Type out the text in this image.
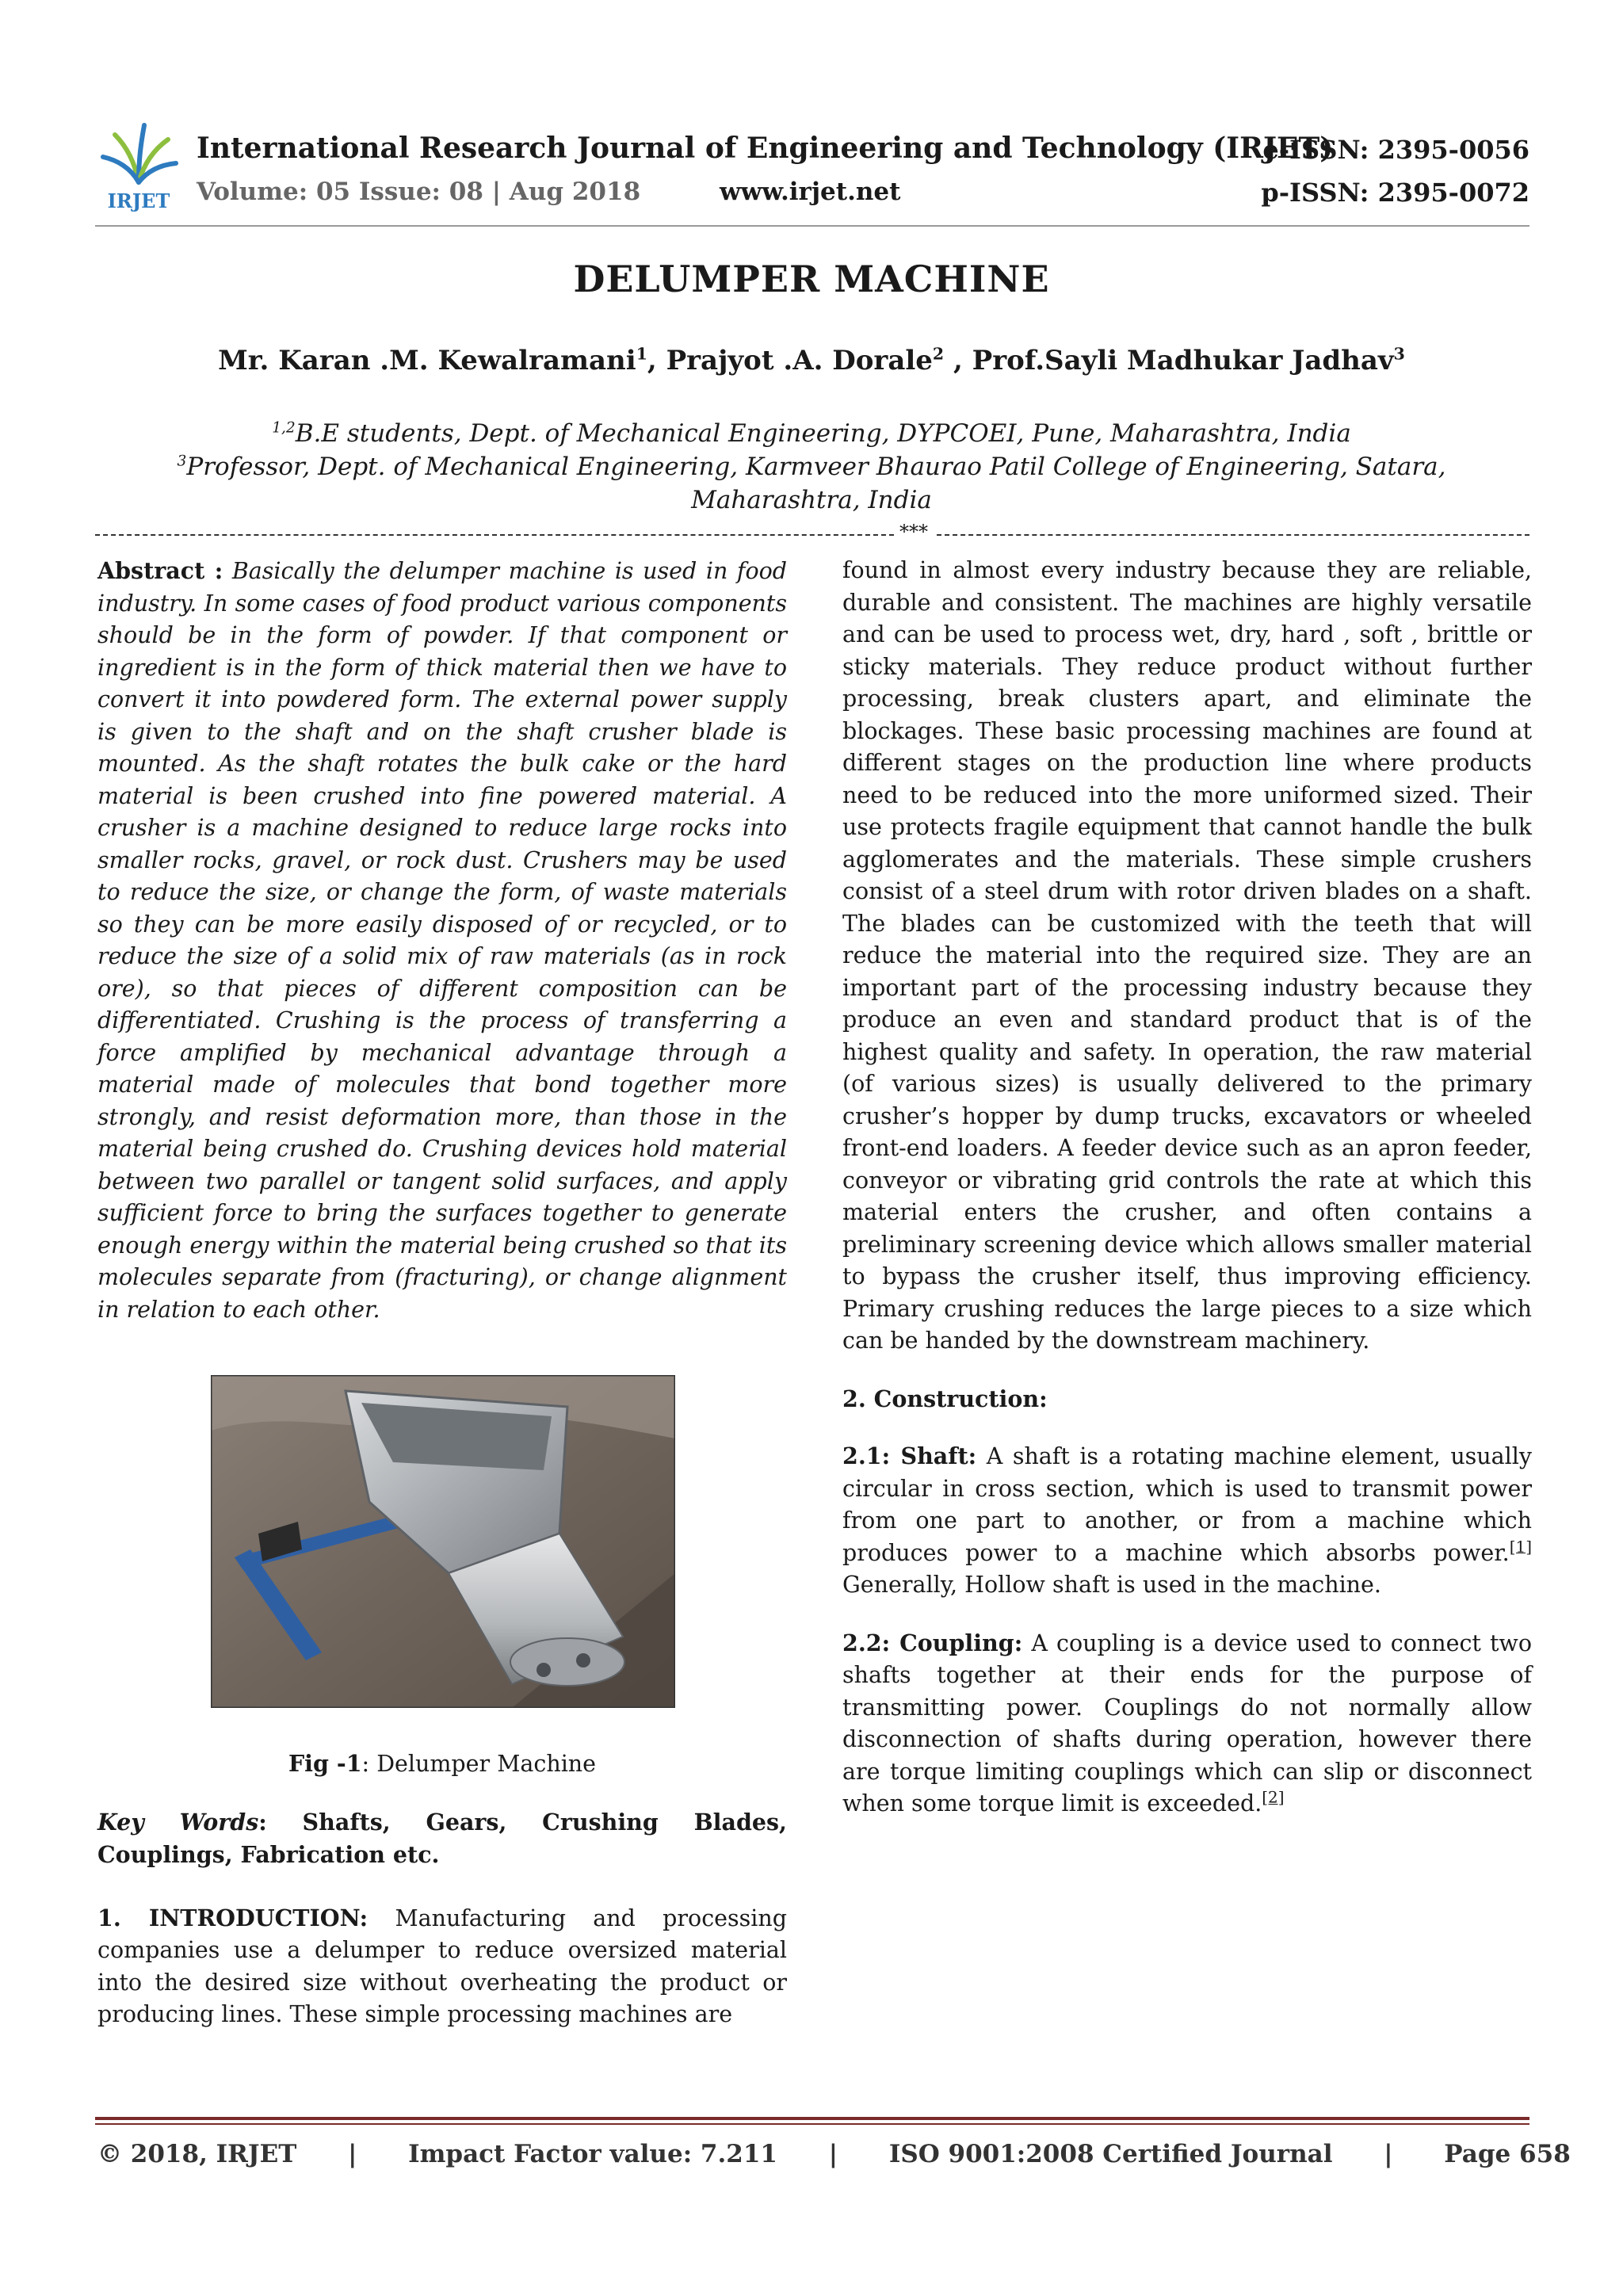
IRJET
International Research Journal of Engineering and Technology (IRJET)
e-ISSN: 2395-0056
Volume: 05 Issue: 08 | Aug 2018	www.irjet.net	p-ISSN: 2395-0072
DELUMPER MACHINE
Mr. Karan .M. Kewalramani$^1$, Prajyot .A. Dorale$^2$ , Prof.Sayli Madhukar Jadhav$^3$
$^{1,2}$B.E students, Dept. of Mechanical Engineering, DYPCOEI, Pune, Maharashtra, India
$^3$Professor, Dept. of Mechanical Engineering, Karmveer Bhaurao Patil College of Engineering, Satara, Maharashtra, India
***

Abstract : Basically the delumper machine is used in food industry. In some cases of food product various components should be in the form of powder. If that component or ingredient is in the form of thick material then we have to convert it into powdered form. The external power supply is given to the shaft and on the shaft crusher blade is mounted. As the shaft rotates the bulk cake or the hard material is been crushed into fine powered material. A crusher is a machine designed to reduce large rocks into smaller rocks, gravel, or rock dust. Crushers may be used to reduce the size, or change the form, of waste materials so they can be more easily disposed of or recycled, or to reduce the size of a solid mix of raw materials (as in rock ore), so that pieces of different composition can be differentiated. Crushing is the process of transferring a force amplified by mechanical advantage through a material made of molecules that bond together more strongly, and resist deformation more, than those in the material being crushed do. Crushing devices hold material between two parallel or tangent solid surfaces, and apply sufficient force to bring the surfaces together to generate enough energy within the material being crushed so that its molecules separate from (fracturing), or change alignment in relation to each other.

Fig -1: Delumper Machine

Key Words: Shafts, Gears, Crushing Blades, Couplings, Fabrication etc.

1. INTRODUCTION: Manufacturing and processing companies use a delumper to reduce oversized material into the desired size without overheating the product or producing lines. These simple processing machines are

found in almost every industry because they are reliable, durable and consistent. The machines are highly versatile and can be used to process wet, dry, hard , soft , brittle or sticky materials. They reduce product without further processing, break clusters apart, and eliminate the blockages. These basic processing machines are found at different stages on the production line where products need to be reduced into the more uniformed sized. Their use protects fragile equipment that cannot handle the bulk agglomerates and the materials. These simple crushers consist of a steel drum with rotor driven blades on a shaft. The blades can be customized with the teeth that will reduce the material into the required size. They are an important part of the processing industry because they produce an even and standard product that is of the highest quality and safety. In operation, the raw material (of various sizes) is usually delivered to the primary crusher’s hopper by dump trucks, excavators or wheeled front-end loaders. A feeder device such as an apron feeder, conveyor or vibrating grid controls the rate at which this material enters the crusher, and often contains a preliminary screening device which allows smaller material to bypass the crusher itself, thus improving efficiency. Primary crushing reduces the large pieces to a size which can be handed by the downstream machinery.

2. Construction:

2.1: Shaft: A shaft is a rotating machine element, usually circular in cross section, which is used to transmit power from one part to another, or from a machine which produces power to a machine which absorbs power.[1] Generally, Hollow shaft is used in the machine.

2.2: Coupling: A coupling is a device used to connect two shafts together at their ends for the purpose of transmitting power. Couplings do not normally allow disconnection of shafts during operation, however there are torque limiting couplings which can slip or disconnect when some torque limit is exceeded.[2]

© 2018, IRJET | Impact Factor value: 7.211 | ISO 9001:2008 Certified Journal | Page 658
